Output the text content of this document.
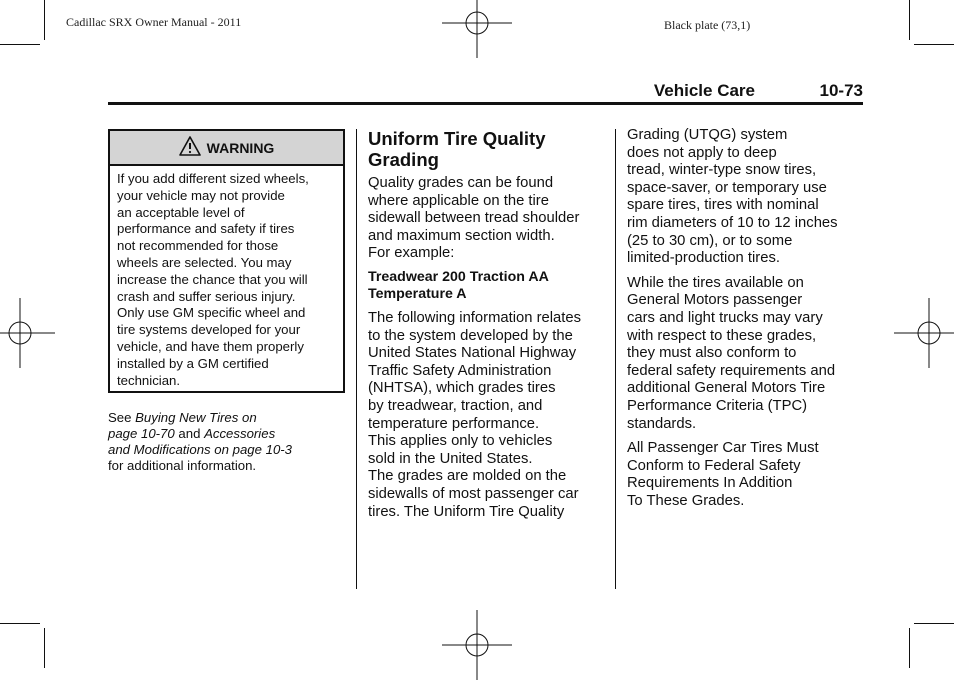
Cadillac SRX Owner Manual - 2011	Black plate (73,1)
Vehicle Care	10-73
WARNING
If you add different sized wheels,
your vehicle may not provide
an acceptable level of
performance and safety if tires
not recommended for those
wheels are selected. You may
increase the chance that you will
crash and suffer serious injury.
Only use GM specific wheel and
tire systems developed for your
vehicle, and have them properly
installed by a GM certified
technician.
See Buying New Tires on
page 10-70 and Accessories
and Modifications on page 10-3
for additional information.
Uniform Tire Quality
Grading
Quality grades can be found
where applicable on the tire
sidewall between tread shoulder
and maximum section width.
For example:
Treadwear 200 Traction AA
Temperature A
The following information relates
to the system developed by the
United States National Highway
Traffic Safety Administration
(NHTSA), which grades tires
by treadwear, traction, and
temperature performance.
This applies only to vehicles
sold in the United States.
The grades are molded on the
sidewalls of most passenger car
tires. The Uniform Tire Quality
Grading (UTQG) system
does not apply to deep
tread, winter-type snow tires,
space-saver, or temporary use
spare tires, tires with nominal
rim diameters of 10 to 12 inches
(25 to 30 cm), or to some
limited-production tires.
While the tires available on
General Motors passenger
cars and light trucks may vary
with respect to these grades,
they must also conform to
federal safety requirements and
additional General Motors Tire
Performance Criteria (TPC)
standards.
All Passenger Car Tires Must
Conform to Federal Safety
Requirements In Addition
To These Grades.
